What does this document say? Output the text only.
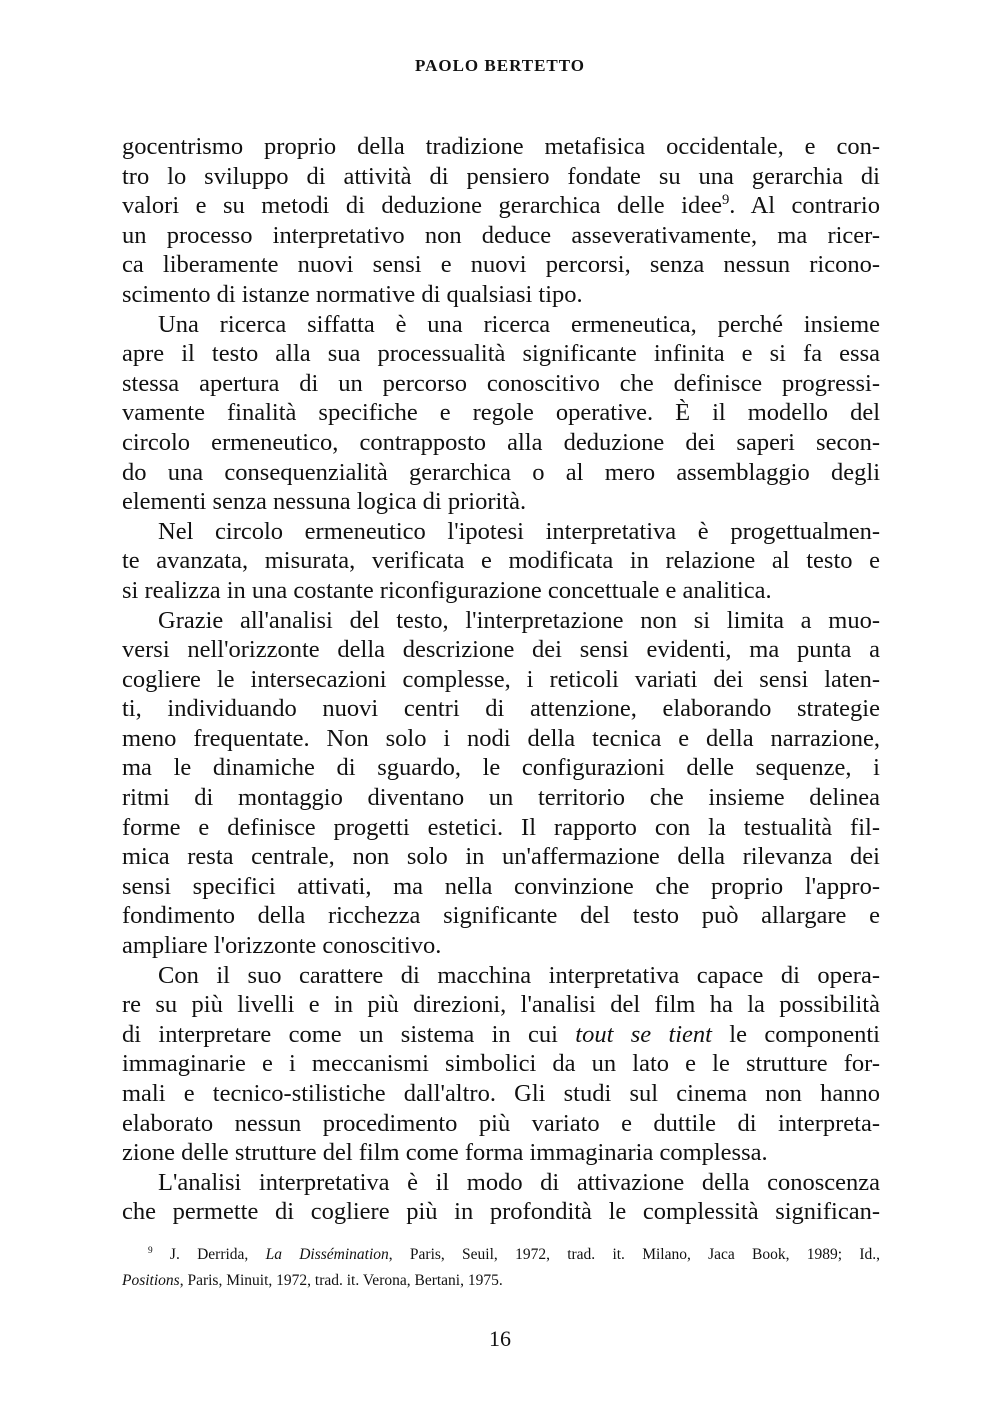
PAOLO BERTETTO
gocentrismo proprio della tradizione metafisica occidentale, e con-
tro lo sviluppo di attività di pensiero fondate su una gerarchia di
valori e su metodi di deduzione gerarchica delle idee$^9$. Al contrario
un processo interpretativo non deduce asseverativamente, ma ricer-
ca liberamente nuovi sensi e nuovi percorsi, senza nessun ricono-
scimento di istanze normative di qualsiasi tipo.
Una ricerca siffatta è una ricerca ermeneutica, perché insieme
apre il testo alla sua processualità significante infinita e si fa essa
stessa apertura di un percorso conoscitivo che definisce progressi-
vamente finalità specifiche e regole operative. È il modello del
circolo ermeneutico, contrapposto alla deduzione dei saperi secon-
do una consequenzialità gerarchica o al mero assemblaggio degli
elementi senza nessuna logica di priorità.
Nel circolo ermeneutico l'ipotesi interpretativa è progettualmen-
te avanzata, misurata, verificata e modificata in relazione al testo e
si realizza in una costante riconfigurazione concettuale e analitica.
Grazie all'analisi del testo, l'interpretazione non si limita a muo-
versi nell'orizzonte della descrizione dei sensi evidenti, ma punta a
cogliere le intersecazioni complesse, i reticoli variati dei sensi laten-
ti, individuando nuovi centri di attenzione, elaborando strategie
meno frequentate. Non solo i nodi della tecnica e della narrazione,
ma le dinamiche di sguardo, le configurazioni delle sequenze, i
ritmi di montaggio diventano un territorio che insieme delinea
forme e definisce progetti estetici. Il rapporto con la testualità fil-
mica resta centrale, non solo in un'affermazione della rilevanza dei
sensi specifici attivati, ma nella convinzione che proprio l'appro-
fondimento della ricchezza significante del testo può allargare e
ampliare l'orizzonte conoscitivo.
Con il suo carattere di macchina interpretativa capace di opera-
re su più livelli e in più direzioni, l'analisi del film ha la possibilità
di interpretare come un sistema in cui tout se tient le componenti
immaginarie e i meccanismi simbolici da un lato e le strutture for-
mali e tecnico-stilistiche dall'altro. Gli studi sul cinema non hanno
elaborato nessun procedimento più variato e duttile di interpreta-
zione delle strutture del film come forma immaginaria complessa.
L'analisi interpretativa è il modo di attivazione della conoscenza
che permette di cogliere più in profondità le complessità significan-
$^9$ J. Derrida, La Dissémination, Paris, Seuil, 1972, trad. it. Milano, Jaca Book, 1989; Id.,
Positions, Paris, Minuit, 1972, trad. it. Verona, Bertani, 1975.
16
